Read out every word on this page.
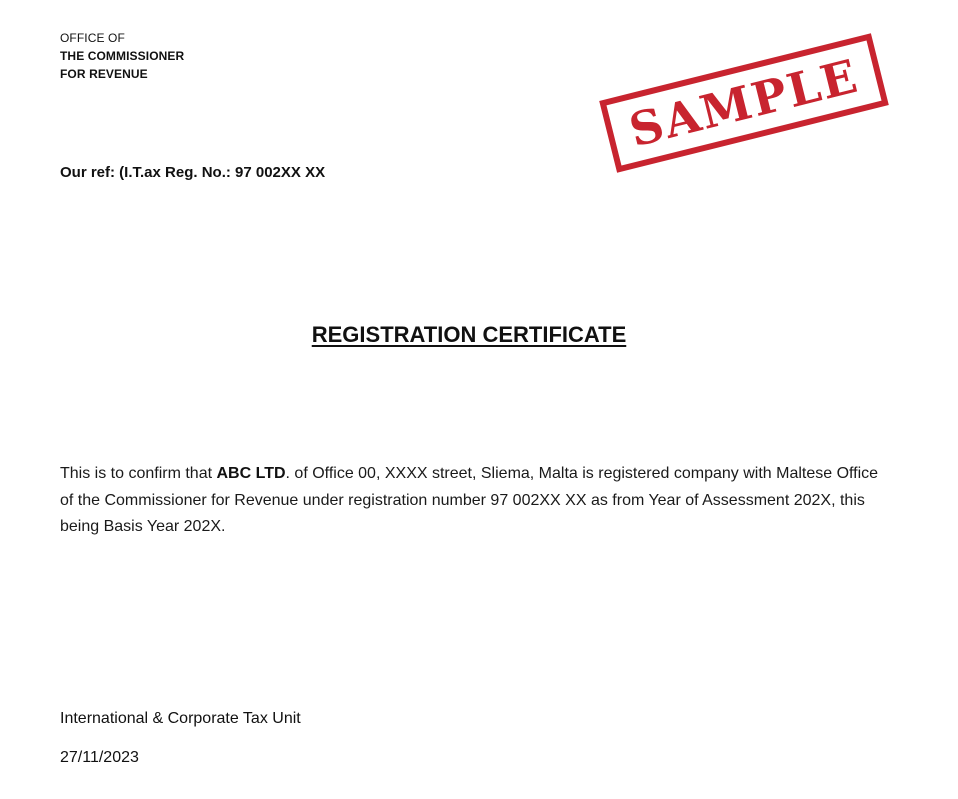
OFFICE OF
THE COMMISSIONER
FOR REVENUE	SAMPLE
Our ref: (I.T.ax Reg. No.: 97 002XX XX
REGISTRATION CERTIFICATE
This is to confirm that ABC LTD. of Office 00, XXXX street, Sliema, Malta is registered company with Maltese Office of the Commissioner for Revenue under registration number 97 002XX XX as from Year of Assessment 202X, this being Basis Year 202X.
International & Corporate Tax Unit
27/11/2023
